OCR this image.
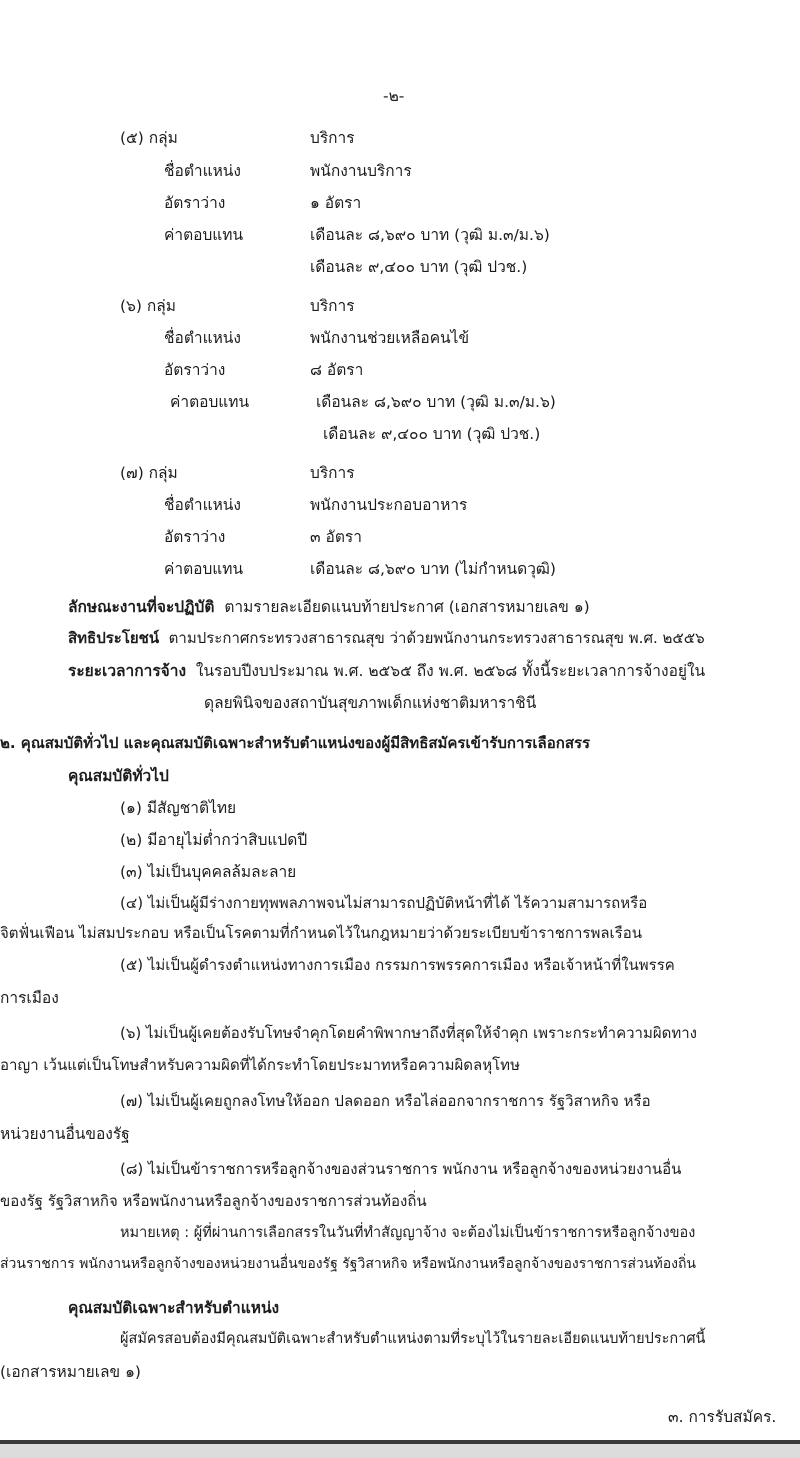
-๒-
(๕) กลุ่ม	บริการ
ชื่อตำแหน่ง	พนักงานบริการ
อัตราว่าง	๑ อัตรา
ค่าตอบแทน	เดือนละ ๘,๖๙๐ บาท (วุฒิ ม.๓/ม.๖)
เดือนละ ๙,๔๐๐ บาท (วุฒิ ปวช.)
(๖) กลุ่ม	บริการ
ชื่อตำแหน่ง	พนักงานช่วยเหลือคนไข้
อัตราว่าง	๘ อัตรา
ค่าตอบแทน	เดือนละ ๘,๖๙๐ บาท (วุฒิ ม.๓/ม.๖)
เดือนละ ๙,๔๐๐ บาท (วุฒิ ปวช.)
(๗) กลุ่ม	บริการ
ชื่อตำแหน่ง	พนักงานประกอบอาหาร
อัตราว่าง	๓ อัตรา
ค่าตอบแทน	เดือนละ ๘,๖๙๐ บาท (ไม่กำหนดวุฒิ)
ลักษณะงานที่จะปฏิบัติ ตามรายละเอียดแนบท้ายประกาศ (เอกสารหมายเลข ๑)
สิทธิประโยชน์ ตามประกาศกระทรวงสาธารณสุข ว่าด้วยพนักงานกระทรวงสาธารณสุข พ.ศ. ๒๕๕๖
ระยะเวลาการจ้าง ในรอบปีงบประมาณ พ.ศ. ๒๕๖๕ ถึง พ.ศ. ๒๕๖๘ ทั้งนี้ระยะเวลาการจ้างอยู่ใน
ดุลยพินิจของสถาบันสุขภาพเด็กแห่งชาติมหาราชินี
๒. คุณสมบัติทั่วไป และคุณสมบัติเฉพาะสำหรับตำแหน่งของผู้มีสิทธิสมัครเข้ารับการเลือกสรร
คุณสมบัติทั่วไป
(๑) มีสัญชาติไทย
(๒) มีอายุไม่ต่ำกว่าสิบแปดปี
(๓) ไม่เป็นบุคคลล้มละลาย
(๔) ไม่เป็นผู้มีร่างกายทุพพลภาพจนไม่สามารถปฏิบัติหน้าที่ได้ ไร้ความสามารถหรือ
จิตฟั่นเฟือน ไม่สมประกอบ หรือเป็นโรคตามที่กำหนดไว้ในกฎหมายว่าด้วยระเบียบข้าราชการพลเรือน
(๕) ไม่เป็นผู้ดำรงตำแหน่งทางการเมือง กรรมการพรรคการเมือง หรือเจ้าหน้าที่ในพรรค
การเมือง
(๖) ไม่เป็นผู้เคยต้องรับโทษจำคุกโดยคำพิพากษาถึงที่สุดให้จำคุก เพราะกระทำความผิดทาง
อาญา เว้นแต่เป็นโทษสำหรับความผิดที่ได้กระทำโดยประมาทหรือความผิดลหุโทษ
(๗) ไม่เป็นผู้เคยถูกลงโทษให้ออก ปลดออก หรือไล่ออกจากราชการ รัฐวิสาหกิจ หรือ
หน่วยงานอื่นของรัฐ
(๘) ไม่เป็นข้าราชการหรือลูกจ้างของส่วนราชการ พนักงาน หรือลูกจ้างของหน่วยงานอื่น
ของรัฐ รัฐวิสาหกิจ หรือพนักงานหรือลูกจ้างของราชการส่วนท้องถิ่น
หมายเหตุ : ผู้ที่ผ่านการเลือกสรรในวันที่ทำสัญญาจ้าง จะต้องไม่เป็นข้าราชการหรือลูกจ้างของ
ส่วนราชการ พนักงานหรือลูกจ้างของหน่วยงานอื่นของรัฐ รัฐวิสาหกิจ หรือพนักงานหรือลูกจ้างของราชการส่วนท้องถิ่น
คุณสมบัติเฉพาะสำหรับตำแหน่ง
ผู้สมัครสอบต้องมีคุณสมบัติเฉพาะสำหรับตำแหน่งตามที่ระบุไว้ในรายละเอียดแนบท้ายประกาศนี้
(เอกสารหมายเลข ๑)
๓. การรับสมัคร.
